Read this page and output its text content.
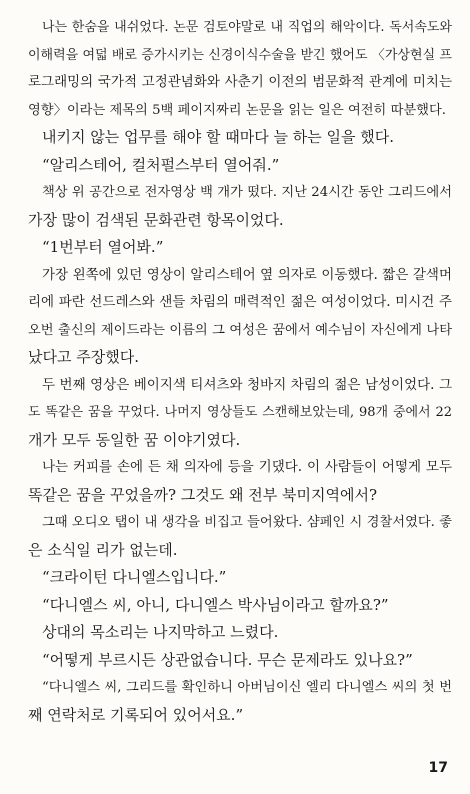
나는 한숨을 내쉬었다. 논문 검토야말로 내 직업의 해악이다. 독서속도와
이해력을 여덟 배로 증가시키는 신경이식수술을 받긴 했어도 〈가상현실 프
로그래밍의 국가적 고정관념화와 사춘기 이전의 범문화적 관계에 미치는
영향〉이라는 제목의 5백 페이지짜리 논문을 읽는 일은 여전히 따분했다.
내키지 않는 업무를 해야 할 때마다 늘 하는 일을 했다.
“알리스테어, 컬처펄스부터 열어줘.”
책상 위 공간으로 전자영상 백 개가 떴다. 지난 24시간 동안 그리드에서
가장 많이 검색된 문화관련 항목이었다.
“1번부터 열어봐.”
가장 왼쪽에 있던 영상이 알리스테어 옆 의자로 이동했다. 짧은 갈색머
리에 파란 선드레스와 샌들 차림의 매력적인 젊은 여성이었다. 미시건 주
오번 출신의 제이드라는 이름의 그 여성은 꿈에서 예수님이 자신에게 나타
났다고 주장했다.
두 번째 영상은 베이지색 티셔츠와 청바지 차림의 젊은 남성이었다. 그
도 똑같은 꿈을 꾸었다. 나머지 영상들도 스캔해보았는데, 98개 중에서 22
개가 모두 동일한 꿈 이야기였다.
나는 커피를 손에 든 채 의자에 등을 기댔다. 이 사람들이 어떻게 모두
똑같은 꿈을 꾸었을까? 그것도 왜 전부 북미지역에서?
그때 오디오 탭이 내 생각을 비집고 들어왔다. 샴페인 시 경찰서였다. 좋
은 소식일 리가 없는데.
“크라이턴 다니엘스입니다.”
“다니엘스 씨, 아니, 다니엘스 박사님이라고 할까요?”
상대의 목소리는 나지막하고 느렸다.
“어떻게 부르시든 상관없습니다. 무슨 문제라도 있나요?”
“다니엘스 씨, 그리드를 확인하니 아버님이신 엘리 다니엘스 씨의 첫 번
째 연락처로 기록되어 있어서요.”
17
